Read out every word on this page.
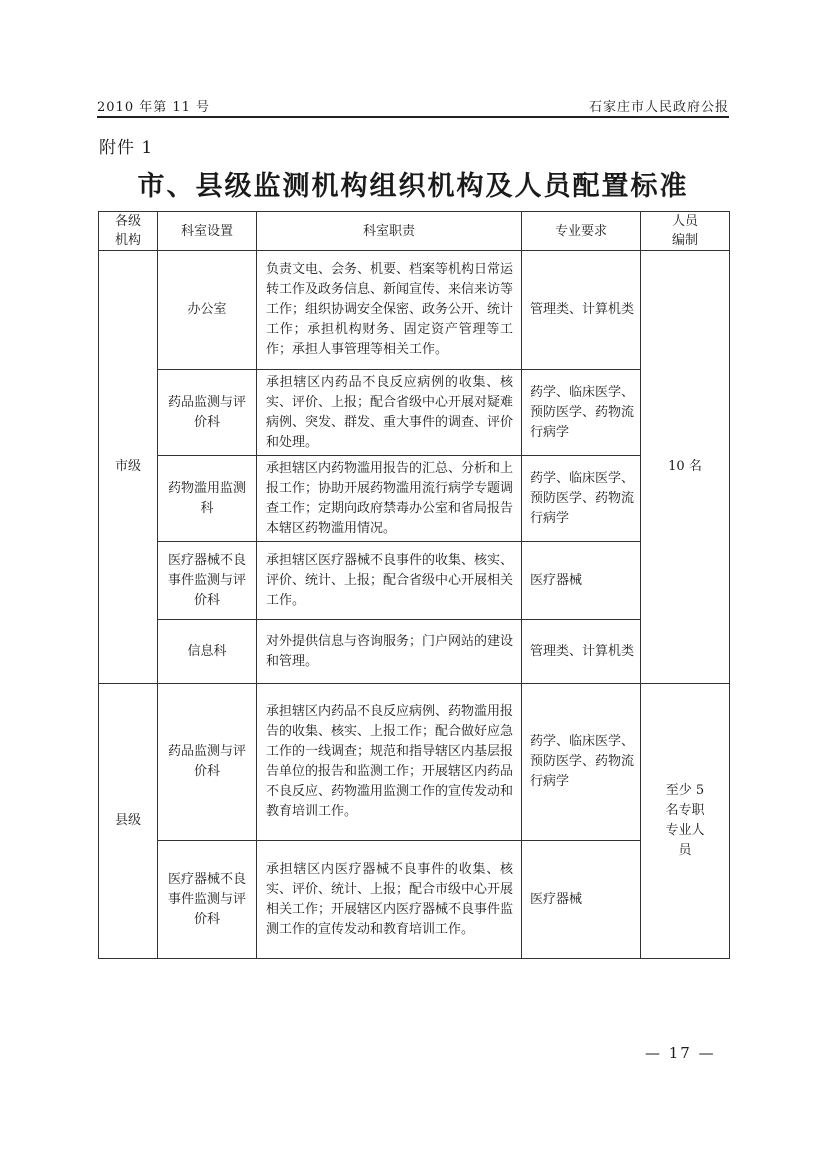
2010 年第 11 号	石家庄市人民政府公报
附件 1
市、县级监测机构组织机构及人员配置标准
各级机构	科室设置	科室职责	专业要求	人员编制
市级	办公室	负责文电、会务、机要、档案等机构日常运转工作及政务信息、新闻宣传、来信来访等工作；组织协调安全保密、政务公开、统计工作；承担机构财务、固定资产管理等工作；承担人事管理等相关工作。	管理类、计算机类	10 名
	药品监测与评价科	承担辖区内药品不良反应病例的收集、核实、评价、上报；配合省级中心开展对疑难病例、突发、群发、重大事件的调查、评价和处理。	药学、临床医学、预防医学、药物流行病学	
	药物滥用监测科	承担辖区内药物滥用报告的汇总、分析和上报工作；协助开展药物滥用流行病学专题调查工作；定期向政府禁毒办公室和省局报告本辖区药物滥用情况。	药学、临床医学、预防医学、药物流行病学	
	医疗器械不良事件监测与评价科	承担辖区医疗器械不良事件的收集、核实、评价、统计、上报；配合省级中心开展相关工作。	医疗器械	
	信息科	对外提供信息与咨询服务；门户网站的建设和管理。	管理类、计算机类	
县级	药品监测与评价科	承担辖区内药品不良反应病例、药物滥用报告的收集、核实、上报工作；配合做好应急工作的一线调查；规范和指导辖区内基层报告单位的报告和监测工作；开展辖区内药品不良反应、药物滥用监测工作的宣传发动和教育培训工作。	药学、临床医学、预防医学、药物流行病学	至少 5 名专职专业人员
	医疗器械不良事件监测与评价科	承担辖区内医疗器械不良事件的收集、核实、评价、统计、上报；配合市级中心开展相关工作；开展辖区内医疗器械不良事件监测工作的宣传发动和教育培训工作。	医疗器械	
— 17 —
